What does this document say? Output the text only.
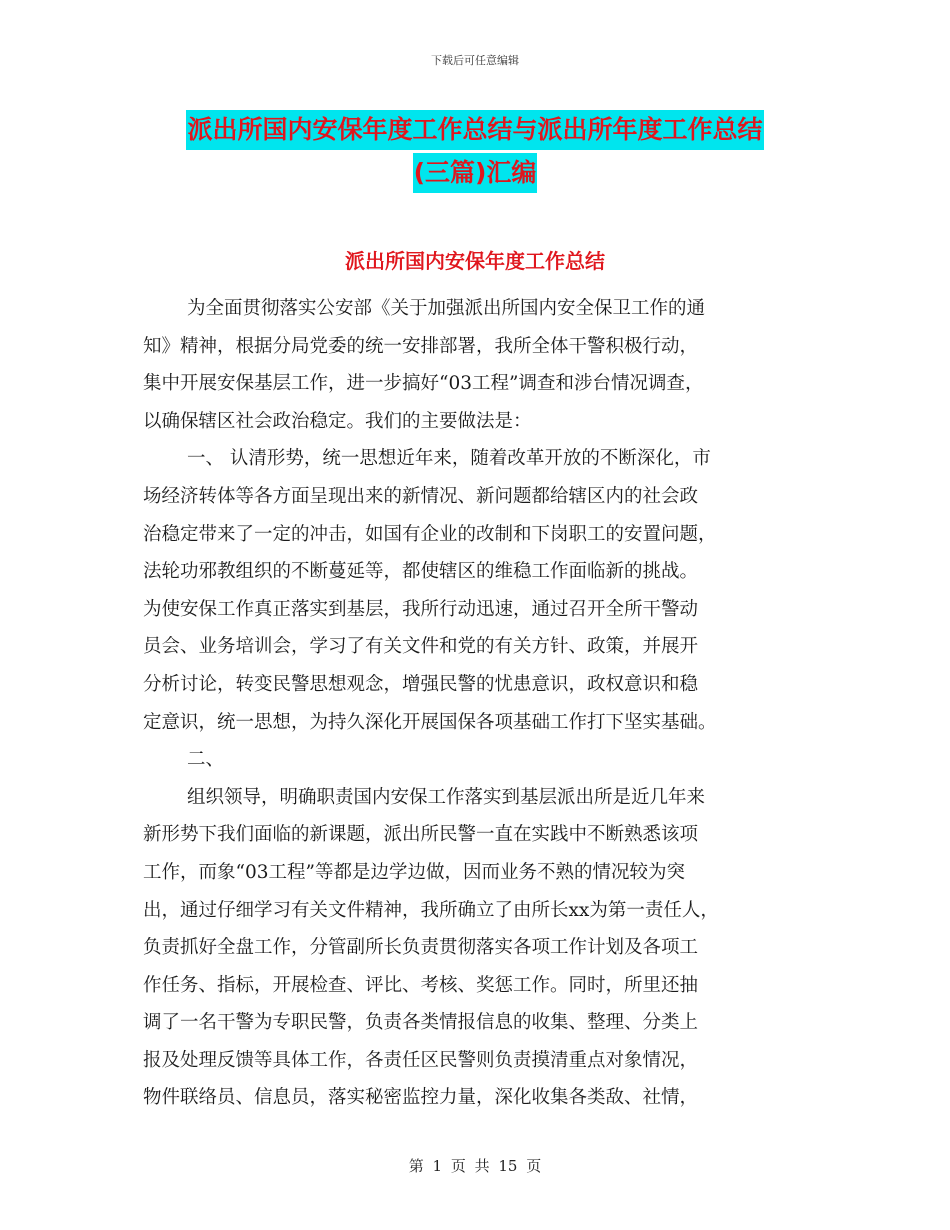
下载后可任意编辑
派出所国内安保年度工作总结与派出所年度工作总结
(三篇)汇编
派出所国内安保年度工作总结
为全面贯彻落实公安部《关于加强派出所国内安全保卫工作的通
知》精神，根据分局党委的统一安排部署，我所全体干警积极行动，
集中开展安保基层工作，进一步搞好“03工程”调查和涉台情况调查，
以确保辖区社会政治稳定。我们的主要做法是：
一、 认清形势，统一思想近年来，随着改革开放的不断深化，市
场经济转体等各方面呈现出来的新情况、新问题都给辖区内的社会政
治稳定带来了一定的冲击，如国有企业的改制和下岗职工的安置问题，
法轮功邪教组织的不断蔓延等，都使辖区的维稳工作面临新的挑战。
为使安保工作真正落实到基层，我所行动迅速，通过召开全所干警动
员会、业务培训会，学习了有关文件和党的有关方针、政策，并展开
分析讨论，转变民警思想观念，增强民警的忧患意识，政权意识和稳
定意识，统一思想，为持久深化开展国保各项基础工作打下坚实基础。
二、
组织领导，明确职责国内安保工作落实到基层派出所是近几年来
新形势下我们面临的新课题，派出所民警一直在实践中不断熟悉该项
工作，而象“03工程”等都是边学边做，因而业务不熟的情况较为突
出，通过仔细学习有关文件精神，我所确立了由所长xx为第一责任人，
负责抓好全盘工作，分管副所长负责贯彻落实各项工作计划及各项工
作任务、指标，开展检查、评比、考核、奖惩工作。同时，所里还抽
调了一名干警为专职民警，负责各类情报信息的收集、整理、分类上
报及处理反馈等具体工作，各责任区民警则负责摸清重点对象情况，
物件联络员、信息员，落实秘密监控力量，深化收集各类敌、社情，
第 1 页 共 15 页
